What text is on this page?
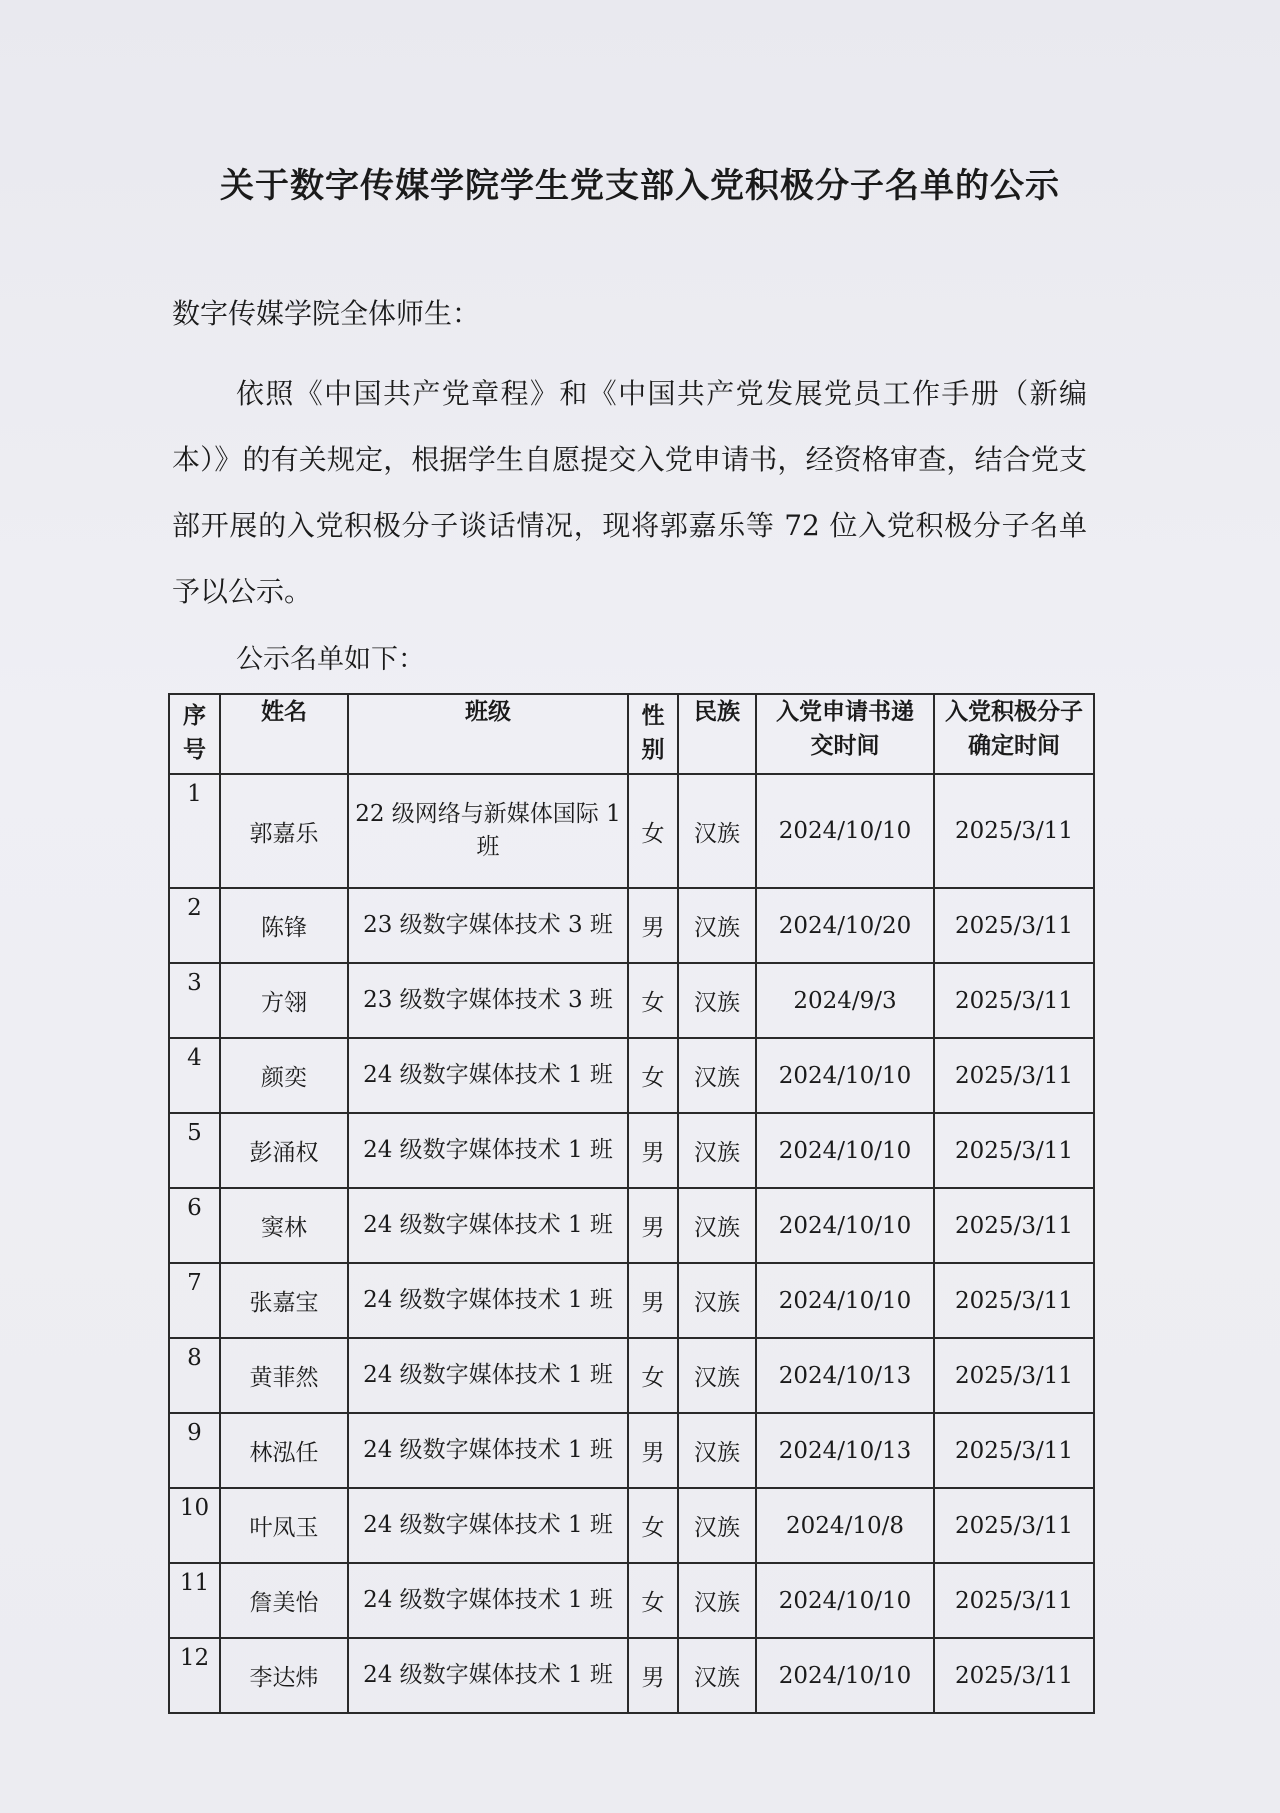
关于数字传媒学院学生党支部入党积极分子名单的公示
数字传媒学院全体师生：
依照《中国共产党章程》和《中国共产党发展党员工作手册（新编本）》的有关规定，根据学生自愿提交入党申请书，经资格审查，结合党支部开展的入党积极分子谈话情况，现将郭嘉乐等 72 位入党积极分子名单予以公示。
公示名单如下：
序号	姓名	班级	性别	民族	入党申请书递交时间	入党积极分子确定时间
1	郭嘉乐	22 级网络与新媒体国际 1 班	女	汉族	2024/10/10	2025/3/11
2	陈锋	23 级数字媒体技术 3 班	男	汉族	2024/10/20	2025/3/11
3	方翎	23 级数字媒体技术 3 班	女	汉族	2024/9/3	2025/3/11
4	颜奕	24 级数字媒体技术 1 班	女	汉族	2024/10/10	2025/3/11
5	彭涌权	24 级数字媒体技术 1 班	男	汉族	2024/10/10	2025/3/11
6	窦林	24 级数字媒体技术 1 班	男	汉族	2024/10/10	2025/3/11
7	张嘉宝	24 级数字媒体技术 1 班	男	汉族	2024/10/10	2025/3/11
8	黄菲然	24 级数字媒体技术 1 班	女	汉族	2024/10/13	2025/3/11
9	林泓任	24 级数字媒体技术 1 班	男	汉族	2024/10/13	2025/3/11
10	叶凤玉	24 级数字媒体技术 1 班	女	汉族	2024/10/8	2025/3/11
11	詹美怡	24 级数字媒体技术 1 班	女	汉族	2024/10/10	2025/3/11
12	李达炜	24 级数字媒体技术 1 班	男	汉族	2024/10/10	2025/3/11
